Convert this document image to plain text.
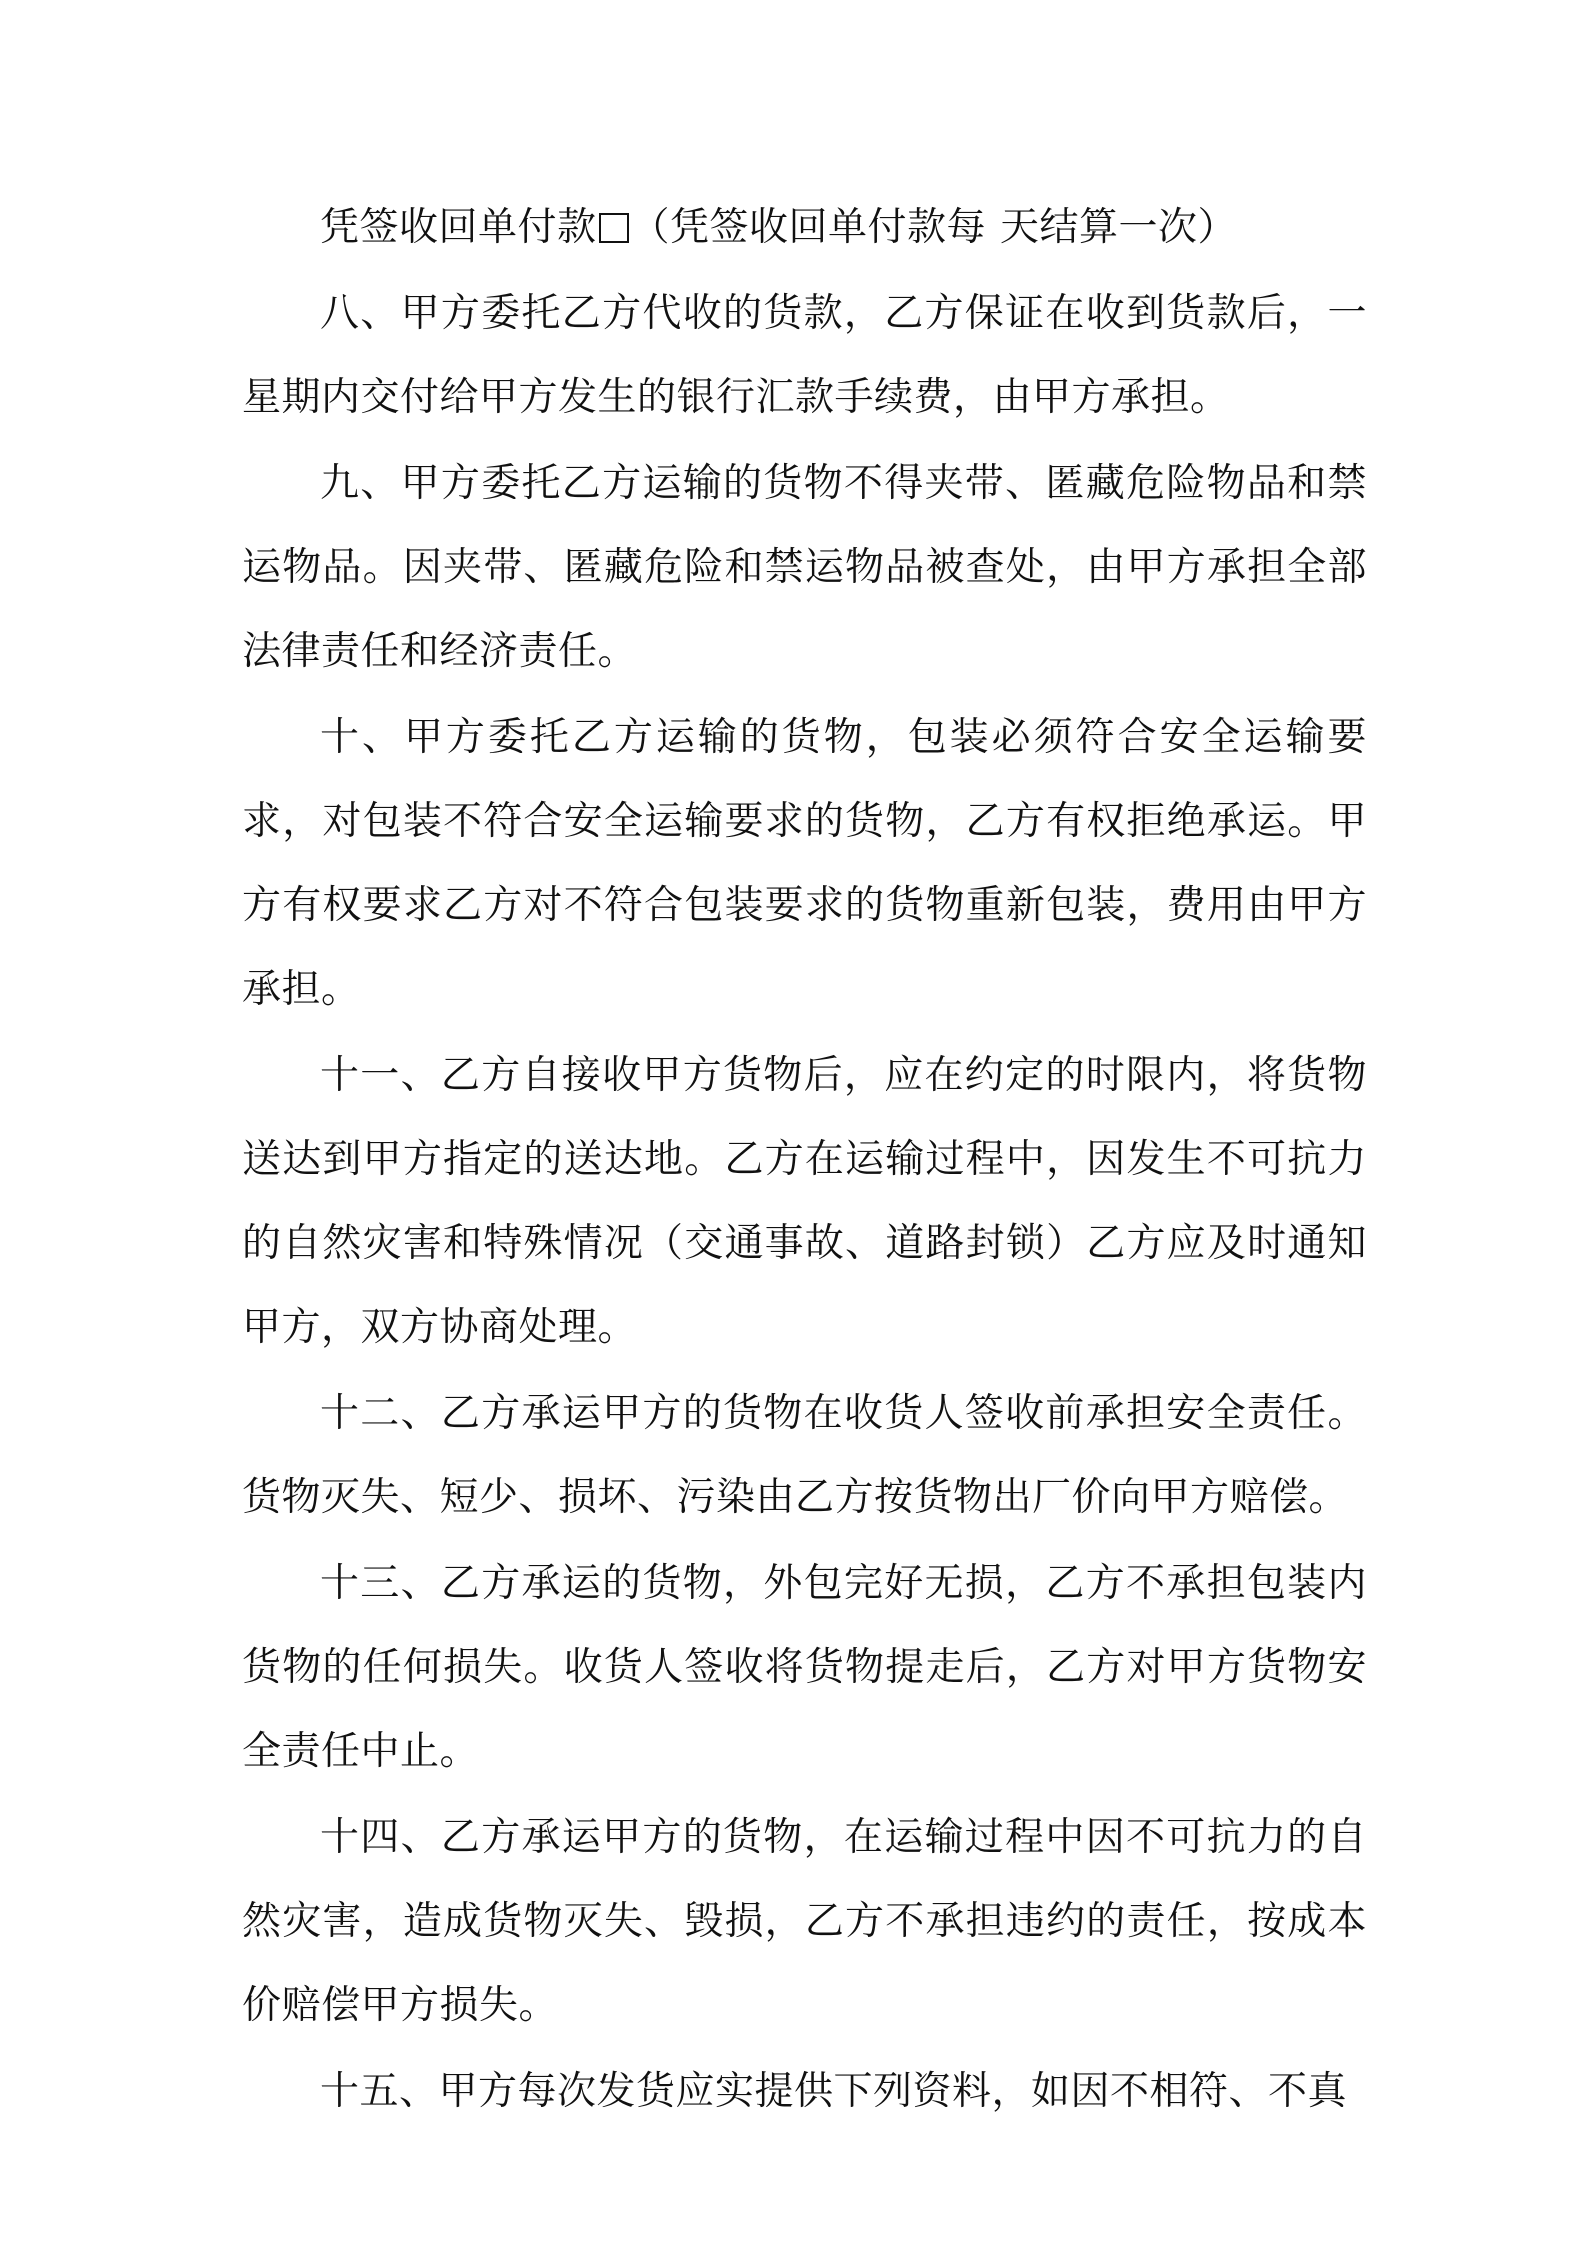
凭签收回单付款 （凭签收回单付款每 天结算一次）

八、甲方委托乙方代收的货款，乙方保证在收到货款后，一星期内交付给甲方发生的银行汇款手续费，由甲方承担。

九、甲方委托乙方运输的货物不得夹带、匿藏危险物品和禁运物品。因夹带、匿藏危险和禁运物品被查处，由甲方承担全部法律责任和经济责任。

十、甲方委托乙方运输的货物，包装必须符合安全运输要求，对包装不符合安全运输要求的货物，乙方有权拒绝承运。甲方有权要求乙方对不符合包装要求的货物重新包装，费用由甲方承担。

十一、乙方自接收甲方货物后，应在约定的时限内，将货物送达到甲方指定的送达地。乙方在运输过程中，因发生不可抗力的自然灾害和特殊情况（交通事故、道路封锁）乙方应及时通知甲方，双方协商处理。

十二、乙方承运甲方的货物在收货人签收前承担安全责任。货物灭失、短少、损坏、污染由乙方按货物出厂价向甲方赔偿。

十三、乙方承运的货物，外包完好无损，乙方不承担包装内货物的任何损失。收货人签收将货物提走后，乙方对甲方货物安全责任中止。

十四、乙方承运甲方的货物，在运输过程中因不可抗力的自然灾害，造成货物灭失、毁损，乙方不承担违约的责任，按成本价赔偿甲方损失。

十五、甲方每次发货应实提供下列资料，如因不相符、不真
